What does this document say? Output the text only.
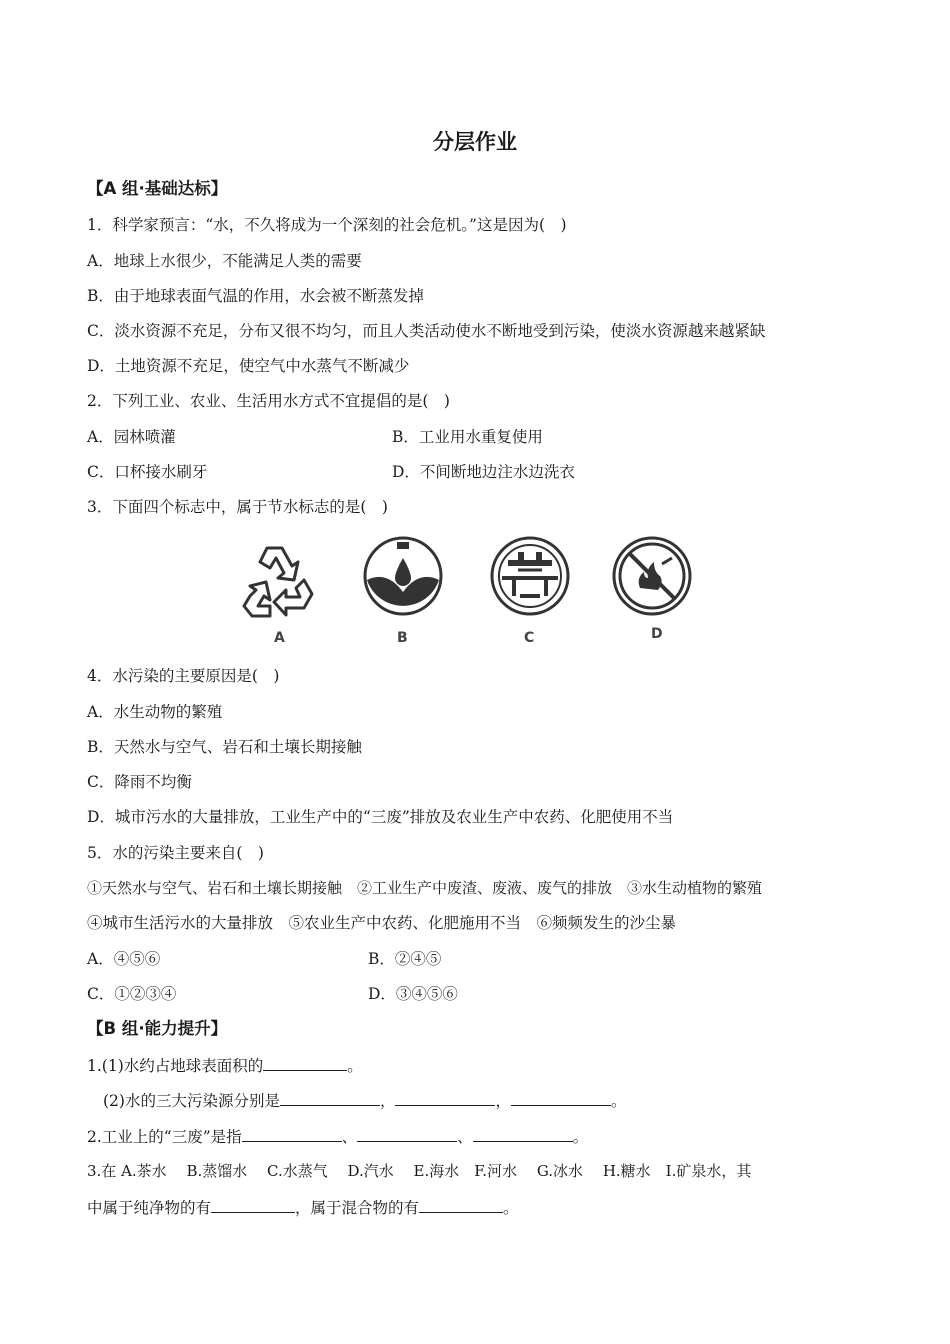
分层作业
【A 组·基础达标】
1．科学家预言：“水，不久将成为一个深刻的社会危机。”这是因为(　)
A．地球上水很少，不能满足人类的需要
B．由于地球表面气温的作用，水会被不断蒸发掉
C．淡水资源不充足，分布又很不均匀，而且人类活动使水不断地受到污染，使淡水资源越来越紧缺
D．土地资源不充足，使空气中水蒸气不断减少
2．下列工业、农业、生活用水方式不宜提倡的是(　)
A．园林喷灌	B．工业用水重复使用
C．口杯接水刷牙	D．不间断地边注水边洗衣
3．下面四个标志中，属于节水标志的是(　)
A	B	C	D
4．水污染的主要原因是(　)
A．水生动物的繁殖
B．天然水与空气、岩石和土壤长期接触
C．降雨不均衡
D．城市污水的大量排放，工业生产中的“三废”排放及农业生产中农药、化肥使用不当
5．水的污染主要来自(　)
①天然水与空气、岩石和土壤长期接触　②工业生产中废渣、废液、废气的排放　③水生动植物的繁殖
④城市生活污水的大量排放　⑤农业生产中农药、化肥施用不当　⑥频频发生的沙尘暴
A．④⑤⑥	B．②④⑤
C．①②③④	D．③④⑤⑥
【B 组·能力提升】
1.(1)水约占地球表面积的	。
(2)水的三大污染源分别是	，	，	。
2.工业上的“三废”是指	、	、	。
3.在 A.茶水　 B.蒸馏水　 C.水蒸气　 D.汽水　 E.海水　F.河水　 G.冰水　 H.糖水　I.矿泉水，其
中属于纯净物的有	，属于混合物的有	。
